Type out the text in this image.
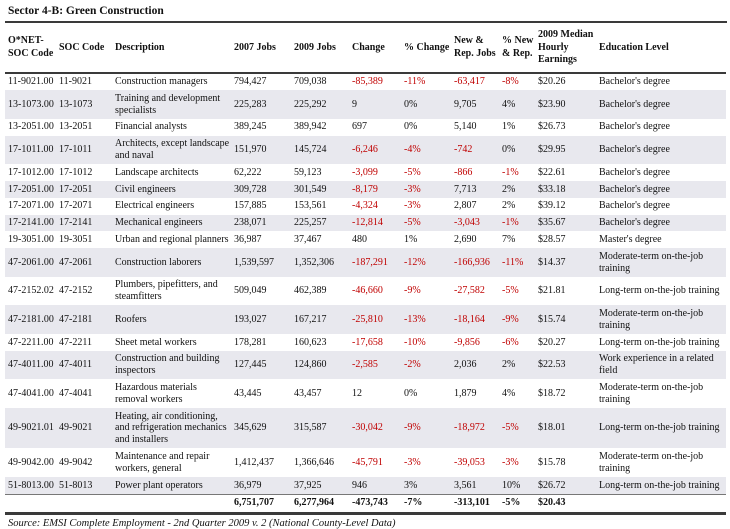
Sector 4-B: Green Construction
O*NET-SOC Code	SOC Code	Description	2007 Jobs	2009 Jobs	Change	% Change	New & Rep. Jobs	% New & Rep.	2009 Median Hourly Earnings	Education Level
11-9021.00	11-9021	Construction managers	794,427	709,038	-85,389	-11%	-63,417	-8%	$20.26	Bachelor's degree
13-1073.00	13-1073	Training and development specialists	225,283	225,292	9	0%	9,705	4%	$23.90	Bachelor's degree
13-2051.00	13-2051	Financial analysts	389,245	389,942	697	0%	5,140	1%	$26.73	Bachelor's degree
17-1011.00	17-1011	Architects, except landscape and naval	151,970	145,724	-6,246	-4%	-742	0%	$29.95	Bachelor's degree
17-1012.00	17-1012	Landscape architects	62,222	59,123	-3,099	-5%	-866	-1%	$22.61	Bachelor's degree
17-2051.00	17-2051	Civil engineers	309,728	301,549	-8,179	-3%	7,713	2%	$33.18	Bachelor's degree
17-2071.00	17-2071	Electrical engineers	157,885	153,561	-4,324	-3%	2,807	2%	$39.12	Bachelor's degree
17-2141.00	17-2141	Mechanical engineers	238,071	225,257	-12,814	-5%	-3,043	-1%	$35.67	Bachelor's degree
19-3051.00	19-3051	Urban and regional planners	36,987	37,467	480	1%	2,690	7%	$28.57	Master's degree
47-2061.00	47-2061	Construction laborers	1,539,597	1,352,306	-187,291	-12%	-166,936	-11%	$14.37	Moderate-term on-the-job training
47-2152.02	47-2152	Plumbers, pipefitters, and steamfitters	509,049	462,389	-46,660	-9%	-27,582	-5%	$21.81	Long-term on-the-job training
47-2181.00	47-2181	Roofers	193,027	167,217	-25,810	-13%	-18,164	-9%	$15.74	Moderate-term on-the-job training
47-2211.00	47-2211	Sheet metal workers	178,281	160,623	-17,658	-10%	-9,856	-6%	$20.27	Long-term on-the-job training
47-4011.00	47-4011	Construction and building inspectors	127,445	124,860	-2,585	-2%	2,036	2%	$22.53	Work experience in a related field
47-4041.00	47-4041	Hazardous materials removal workers	43,445	43,457	12	0%	1,879	4%	$18.72	Moderate-term on-the-job training
49-9021.01	49-9021	Heating, air conditioning, and refrigeration mechanics and installers	345,629	315,587	-30,042	-9%	-18,972	-5%	$18.01	Long-term on-the-job training
49-9042.00	49-9042	Maintenance and repair workers, general	1,412,437	1,366,646	-45,791	-3%	-39,053	-3%	$15.78	Moderate-term on-the-job training
51-8013.00	51-8013	Power plant operators	36,979	37,925	946	3%	3,561	10%	$26.72	Long-term on-the-job training
			6,751,707	6,277,964	-473,743	-7%	-313,101	-5%	$20.43	
Source: EMSI Complete Employment - 2nd Quarter 2009 v. 2 (National County-Level Data)
